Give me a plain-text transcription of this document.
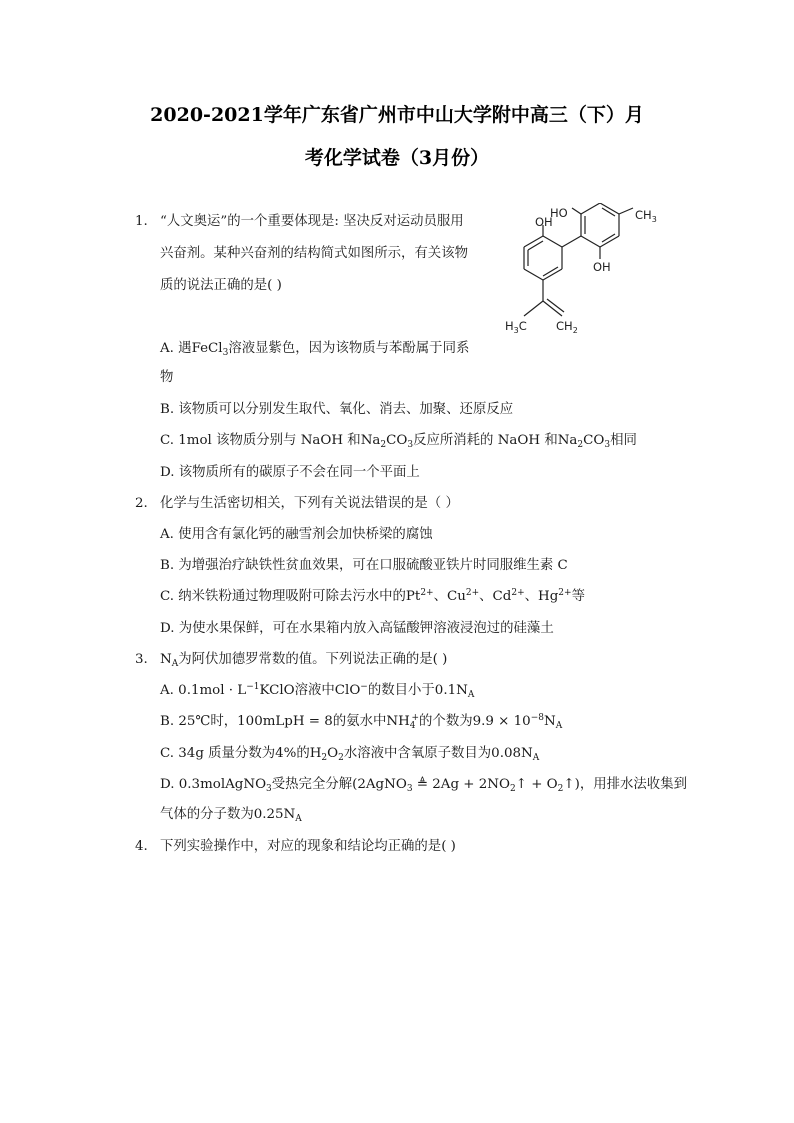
2020-2021学年广东省广州市中山大学附中高三（下）月
考化学试卷（3月份）
1. “人文奥运”的一个重要体现是: 坚决反对运动员服用
兴奋剂。某种兴奋剂的结构简式如图所示，有关该物
质的说法正确的是( )
HO	$CH_3$
OH
OH
$H_3C$	$CH_2$
A. 遇FeCl$_3$溶液显紫色，因为该物质与苯酚属于同系
物
B. 该物质可以分别发生取代、氧化、消去、加聚、还原反应
C. 1mol 该物质分别与 NaOH 和$Na_2CO_3$反应所消耗的 NaOH 和$Na_2CO_3$相同
D. 该物质所有的碳原子不会在同一个平面上
2. 化学与生活密切相关，下列有关说法错误的是（ ）
A. 使用含有氯化钙的融雪剂会加快桥梁的腐蚀
B. 为增强治疗缺铁性贫血效果，可在口服硫酸亚铁片时同服维生素 C
C. 纳米铁粉通过物理吸附可除去污水中的$Pt^{2+}$、$Cu^{2+}$、$Cd^{2+}$、$Hg^{2+}$等
D. 为使水果保鲜，可在水果箱内放入高锰酸钾溶液浸泡过的硅藻土
3. $N_A$为阿伏加德罗常数的值。下列说法正确的是( )
A. $0.1mol \cdot L^{-1}KClO$溶液中ClO−的数目小于$0.1N_A$
B. 25℃时，100mLpH = 8的氨水中$NH_4^+$的个数为$9.9 \times 10^{-8}N_A$
C. 34g 质量分数为4%的$H_2O_2$水溶液中含氧原子数目为$0.08N_A$
D. 0.3molAgNO$_3$受热完全分解(2AgNO$_3$ ≜ $2Ag + 2NO_2↑$ + $O_2↑$)，用排水法收集到
气体的分子数为$0.25N_A$
4. 下列实验操作中，对应的现象和结论均正确的是( )
